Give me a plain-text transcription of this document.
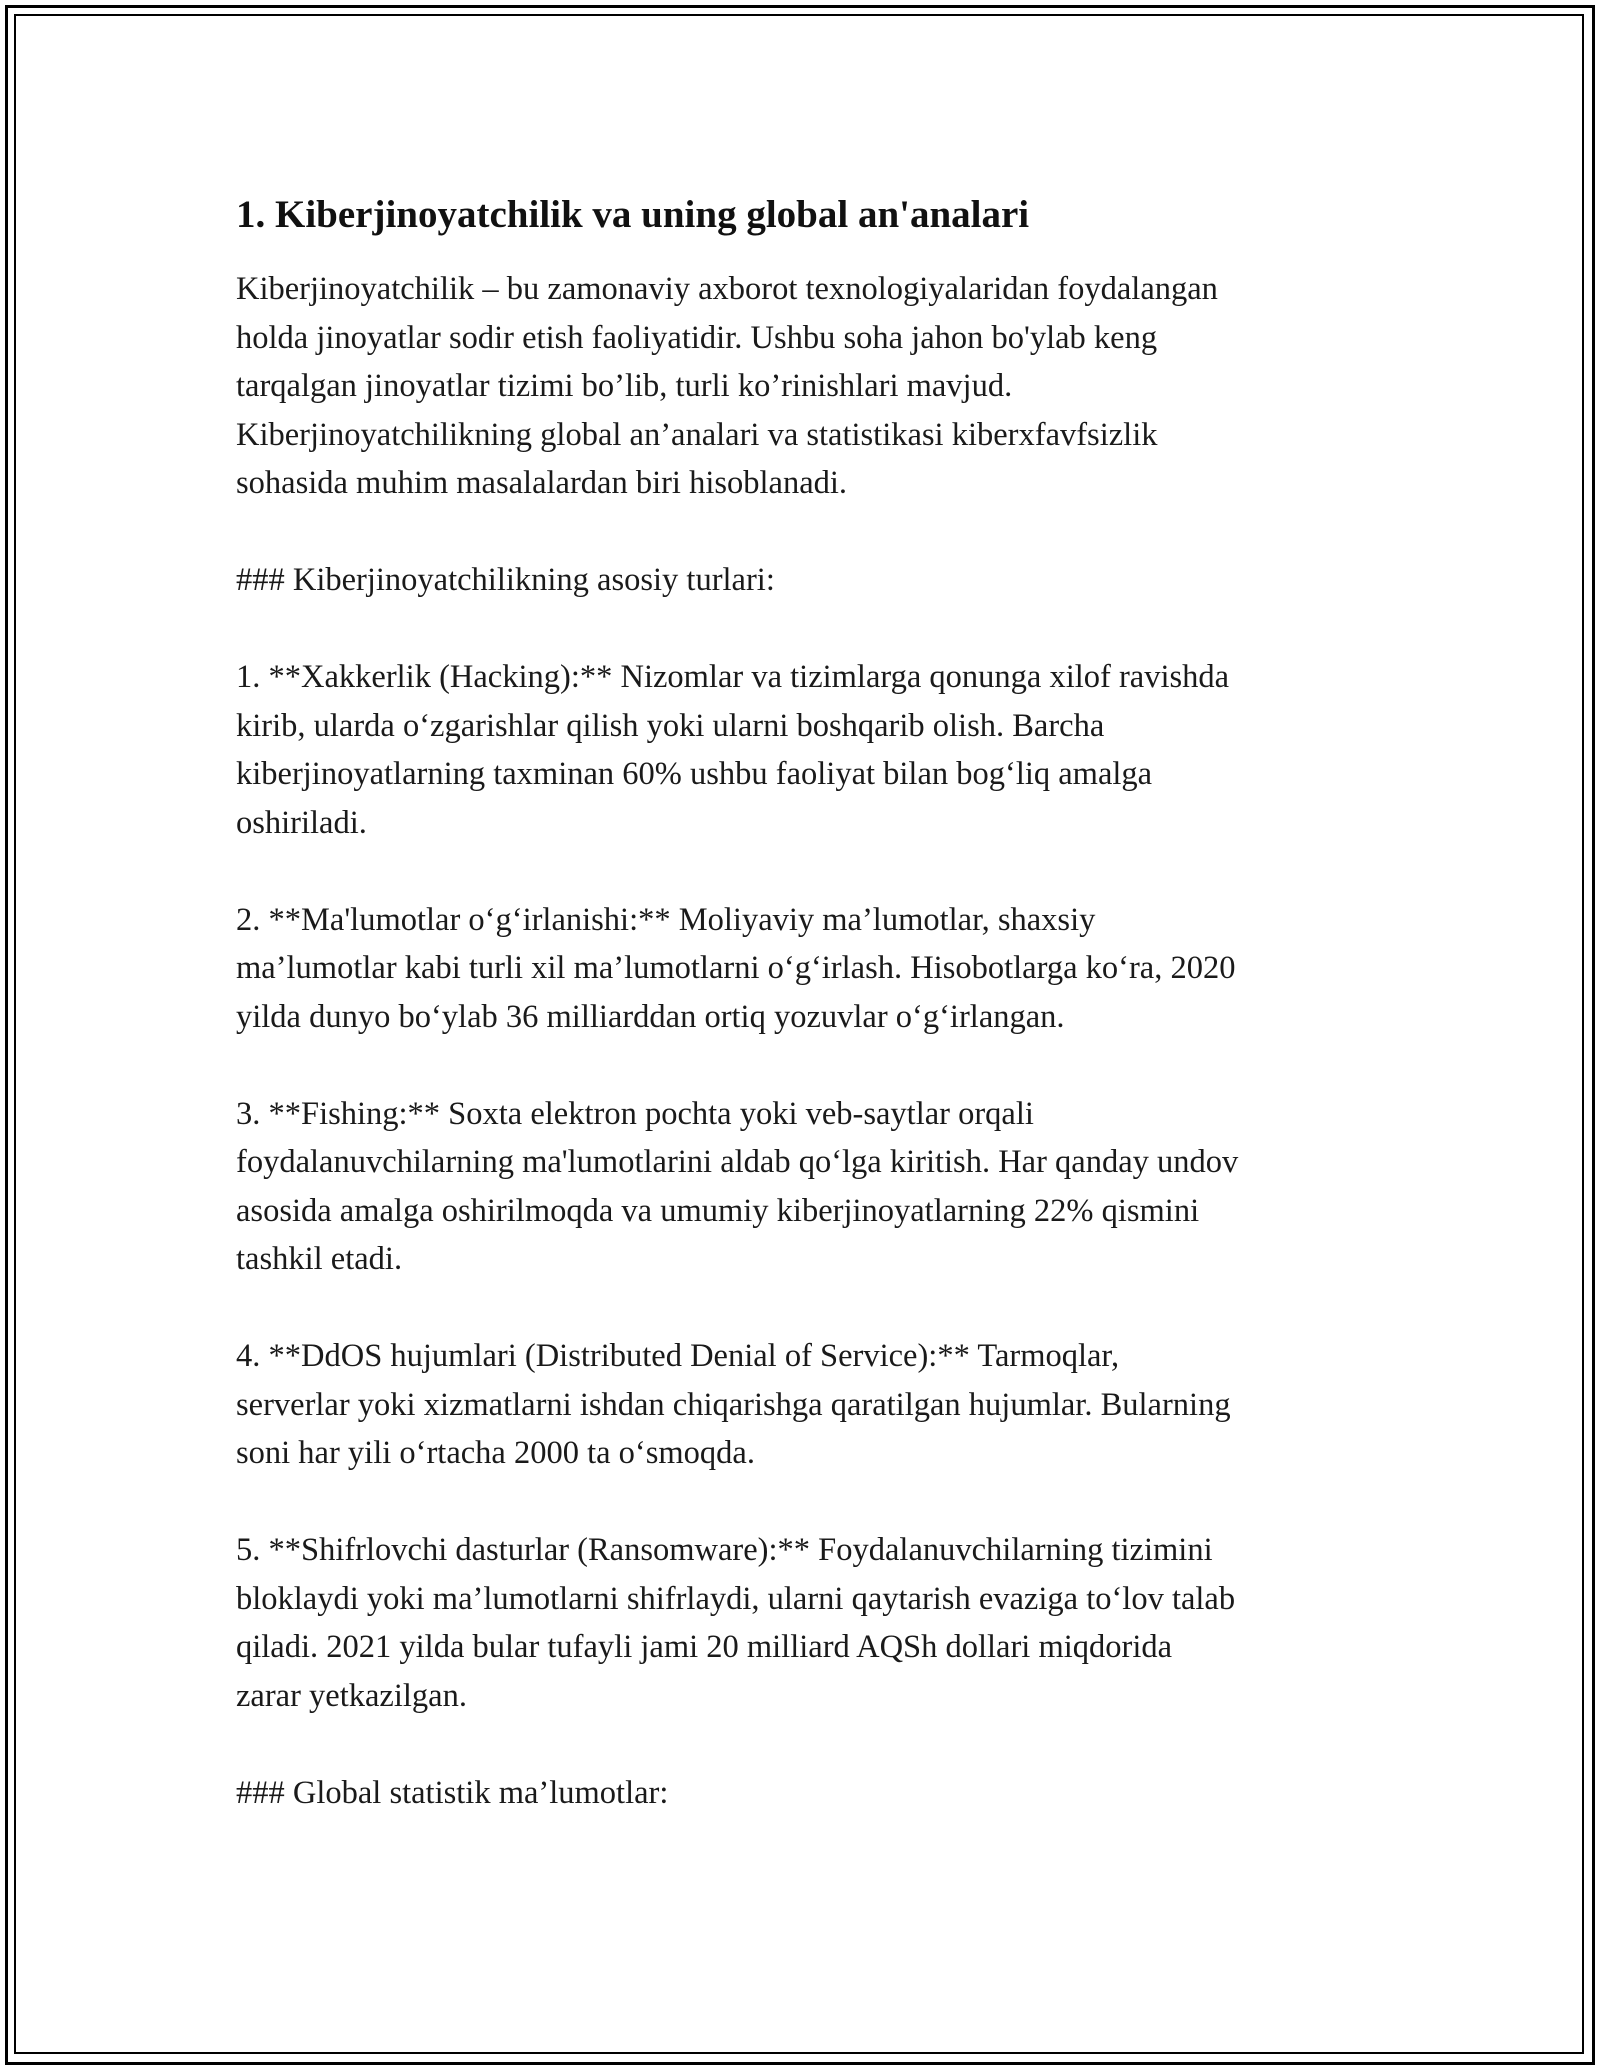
1. Kiberjinoyatchilik va uning global an'analari

Kiberjinoyatchilik – bu zamonaviy axborot texnologiyalaridan foydalangan
holda jinoyatlar sodir etish faoliyatidir. Ushbu soha jahon bo'ylab keng
tarqalgan jinoyatlar tizimi bo’lib, turli ko’rinishlari mavjud.
Kiberjinoyatchilikning global an’analari va statistikasi kiberxfavfsizlik
sohasida muhim masalalardan biri hisoblanadi.

### Kiberjinoyatchilikning asosiy turlari:

1. **Xakkerlik (Hacking):** Nizomlar va tizimlarga qonunga xilof ravishda
kirib, ularda o‘zgarishlar qilish yoki ularni boshqarib olish. Barcha
kiberjinoyatlarning taxminan 60% ushbu faoliyat bilan bog‘liq amalga
oshiriladi.

2. **Ma'lumotlar o‘g‘irlanishi:** Moliyaviy ma’lumotlar, shaxsiy
ma’lumotlar kabi turli xil ma’lumotlarni o‘g‘irlash. Hisobotlarga ko‘ra, 2020
yilda dunyo bo‘ylab 36 milliarddan ortiq yozuvlar o‘g‘irlangan.

3. **Fishing:** Soxta elektron pochta yoki veb-saytlar orqali
foydalanuvchilarning ma'lumotlarini aldab qo‘lga kiritish. Har qanday undov
asosida amalga oshirilmoqda va umumiy kiberjinoyatlarning 22% qismini
tashkil etadi.

4. **DdOS hujumlari (Distributed Denial of Service):** Tarmoqlar,
serverlar yoki xizmatlarni ishdan chiqarishga qaratilgan hujumlar. Bularning
soni har yili o‘rtacha 2000 ta o‘smoqda.

5. **Shifrlovchi dasturlar (Ransomware):** Foydalanuvchilarning tizimini
bloklaydi yoki ma’lumotlarni shifrlaydi, ularni qaytarish evaziga to‘lov talab
qiladi. 2021 yilda bular tufayli jami 20 milliard AQSh dollari miqdorida
zarar yetkazilgan.

### Global statistik ma’lumotlar:
